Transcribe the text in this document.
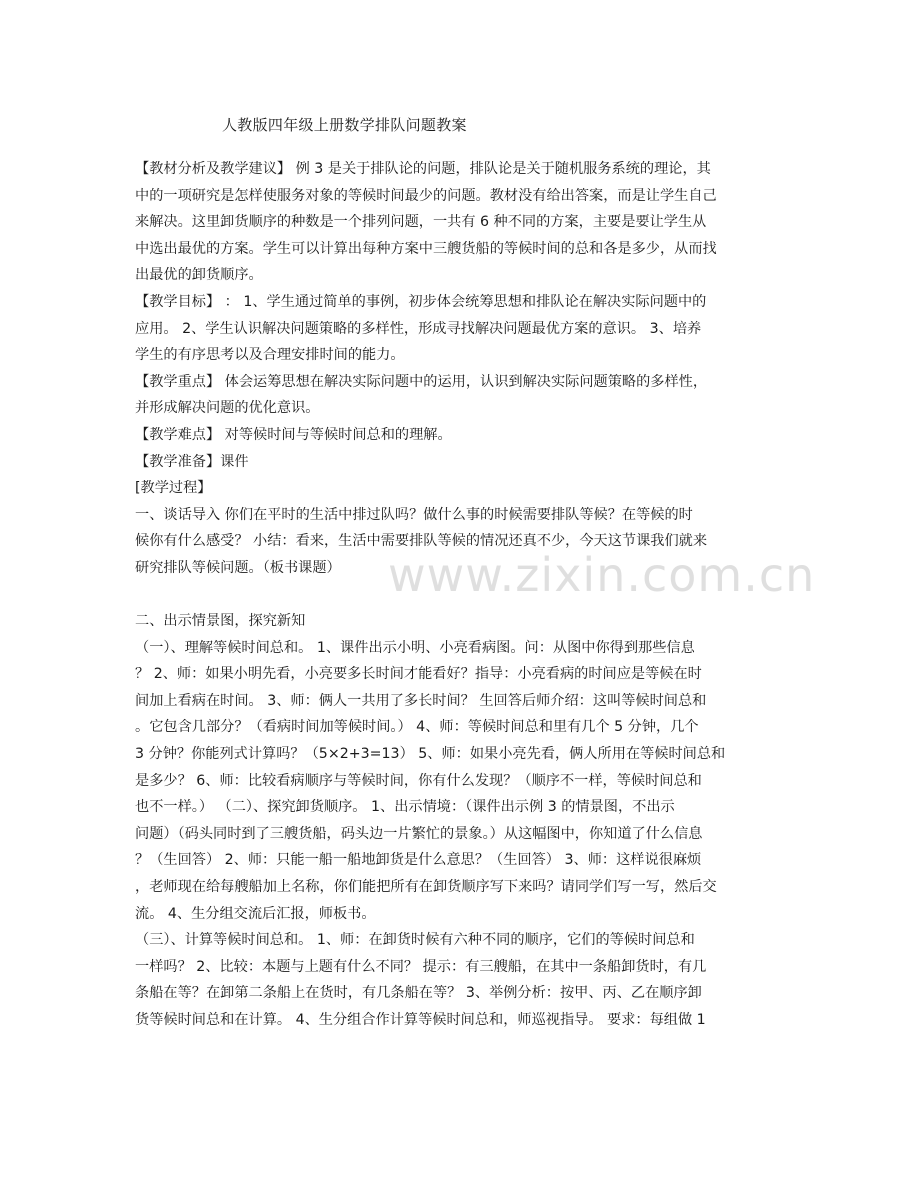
人教版四年级上册数学排队问题教案
【教材分析及教学建议】 例 3 是关于排队论的问题，排队论是关于随机服务系统的理论，其
中的一项研究是怎样使服务对象的等候时间最少的问题。教材没有给出答案，而是让学生自己
来解决。这里卸货顺序的种数是一个排列问题，一共有 6 种不同的方案，主要是要让学生从
中选出最优的方案。学生可以计算出每种方案中三艘货船的等候时间的总和各是多少，从而找
出最优的卸货顺序。
【教学目标】 ： 1、学生通过简单的事例，初步体会统筹思想和排队论在解决实际问题中的
应用。 2、学生认识解决问题策略的多样性，形成寻找解决问题最优方案的意识。 3、培养
学生的有序思考以及合理安排时间的能力。
【教学重点】 体会运筹思想在解决实际问题中的运用，认识到解决实际问题策略的多样性，
并形成解决问题的优化意识。
【教学难点】 对等候时间与等候时间总和的理解。
【教学准备】课件
[教学过程】
一、谈话导入 你们在平时的生活中排过队吗？做什么事的时候需要排队等候？在等候的时
候你有什么感受？ 小结：看来，生活中需要排队等候的情况还真不少，今天这节课我们就来
研究排队等候问题。（板书课题）
二、出示情景图，探究新知
（一）、理解等候时间总和。 1、课件出示小明、小亮看病图。问：从图中你得到那些信息
？ 2、师：如果小明先看，小亮要多长时间才能看好？指导：小亮看病的时间应是等候在时
间加上看病在时间。 3、师：俩人一共用了多长时间？ 生回答后师介绍：这叫等候时间总和
。它包含几部分？（看病时间加等候时间。） 4、师：等候时间总和里有几个 5 分钟，几个
3 分钟？你能列式计算吗？（5×2+3=13） 5、师：如果小亮先看，俩人所用在等候时间总和
是多少？ 6、师：比较看病顺序与等候时间，你有什么发现？（顺序不一样，等候时间总和
也不一样。） （二）、探究卸货顺序。 1、出示情境：（课件出示例 3 的情景图，不出示
问题）（码头同时到了三艘货船，码头边一片繁忙的景象。）从这幅图中，你知道了什么信息
？（生回答） 2、师：只能一船一船地卸货是什么意思？（生回答） 3、师：这样说很麻烦
，老师现在给每艘船加上名称，你们能把所有在卸货顺序写下来吗？请同学们写一写，然后交
流。 4、生分组交流后汇报，师板书。
（三）、计算等候时间总和。 1、师：在卸货时候有六种不同的顺序，它们的等候时间总和
一样吗？ 2、比较：本题与上题有什么不同？ 提示：有三艘船，在其中一条船卸货时，有几
条船在等？在卸第二条船上在货时，有几条船在等？ 3、举例分析：按甲、丙、乙在顺序卸
货等候时间总和在计算。 4、生分组合作计算等候时间总和，师巡视指导。 要求：每组做 1
www.zixin.com.cn
